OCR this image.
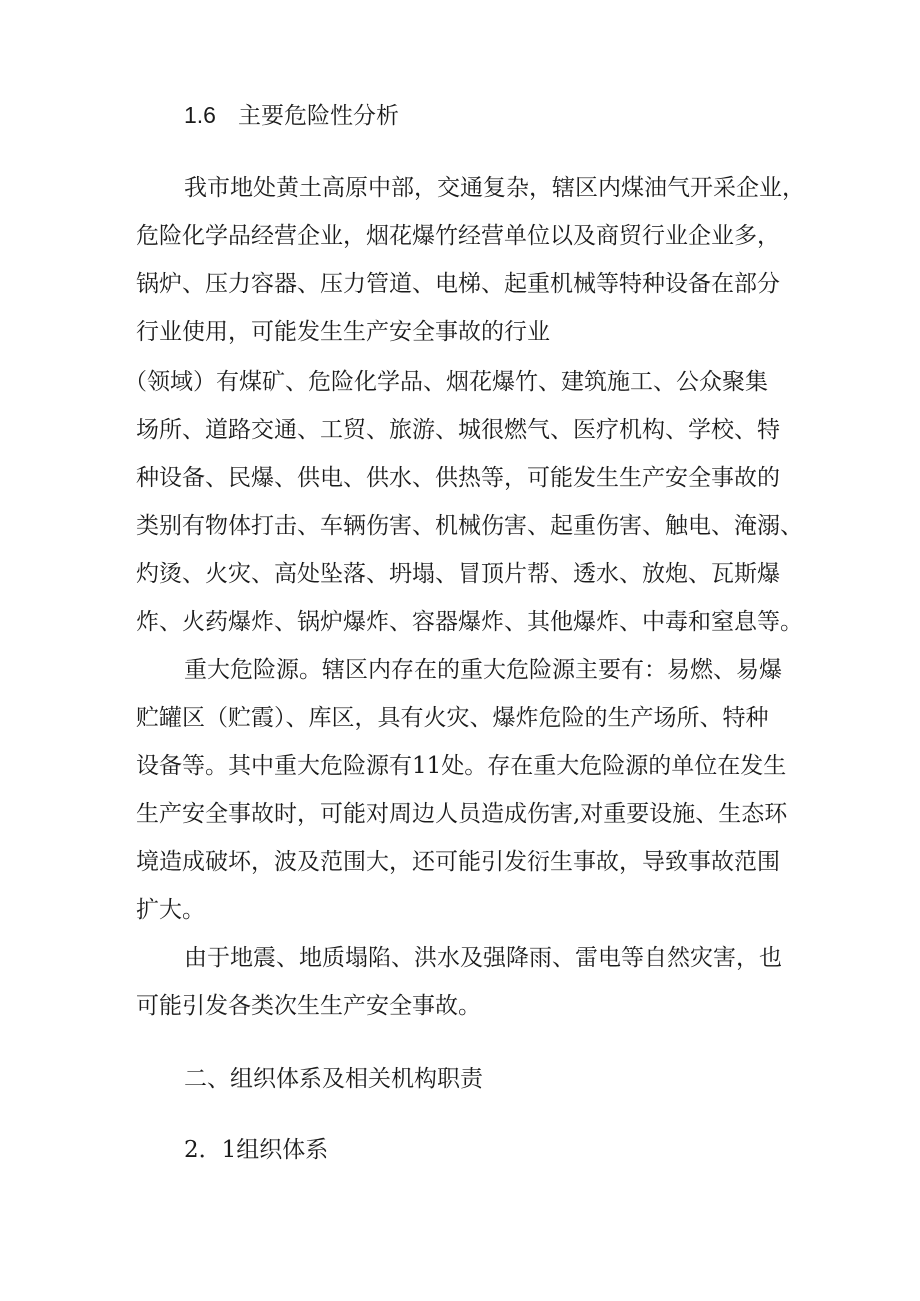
1.6 主要危险性分析
我市地处黄土高原中部，交通复杂，辖区内煤油气开采企业，
危险化学品经营企业，烟花爆竹经营单位以及商贸行业企业多，
锅炉、压力容器、压力管道、电梯、起重机械等特种设备在部分
行业使用，可能发生生产安全事故的行业
（领域）有煤矿、危险化学品、烟花爆竹、建筑施工、公众聚集
场所、道路交通、工贸、旅游、城很燃气、医疗机构、学校、特
种设备、民爆、供电、供水、供热等，可能发生生产安全事故的
类别有物体打击、车辆伤害、机械伤害、起重伤害、触电、淹溺、
灼烫、火灾、高处坠落、坍塌、冒顶片帮、透水、放炮、瓦斯爆
炸、火药爆炸、锅炉爆炸、容器爆炸、其他爆炸、中毒和窒息等。
重大危险源。辖区内存在的重大危险源主要有：易燃、易爆
贮罐区（贮霞）、库区，具有火灾、爆炸危险的生产场所、特种
设备等。其中重大危险源有11处。存在重大危险源的单位在发生
生产安全事故时，可能对周边人员造成伤害,对重要设施、生态环
境造成破坏，波及范围大，还可能引发衍生事故，导致事故范围
扩大。
由于地震、地质塌陷、洪水及强降雨、雷电等自然灾害，也
可能引发各类次生生产安全事故。
二、组织体系及相关机构职责
2．1组织体系
